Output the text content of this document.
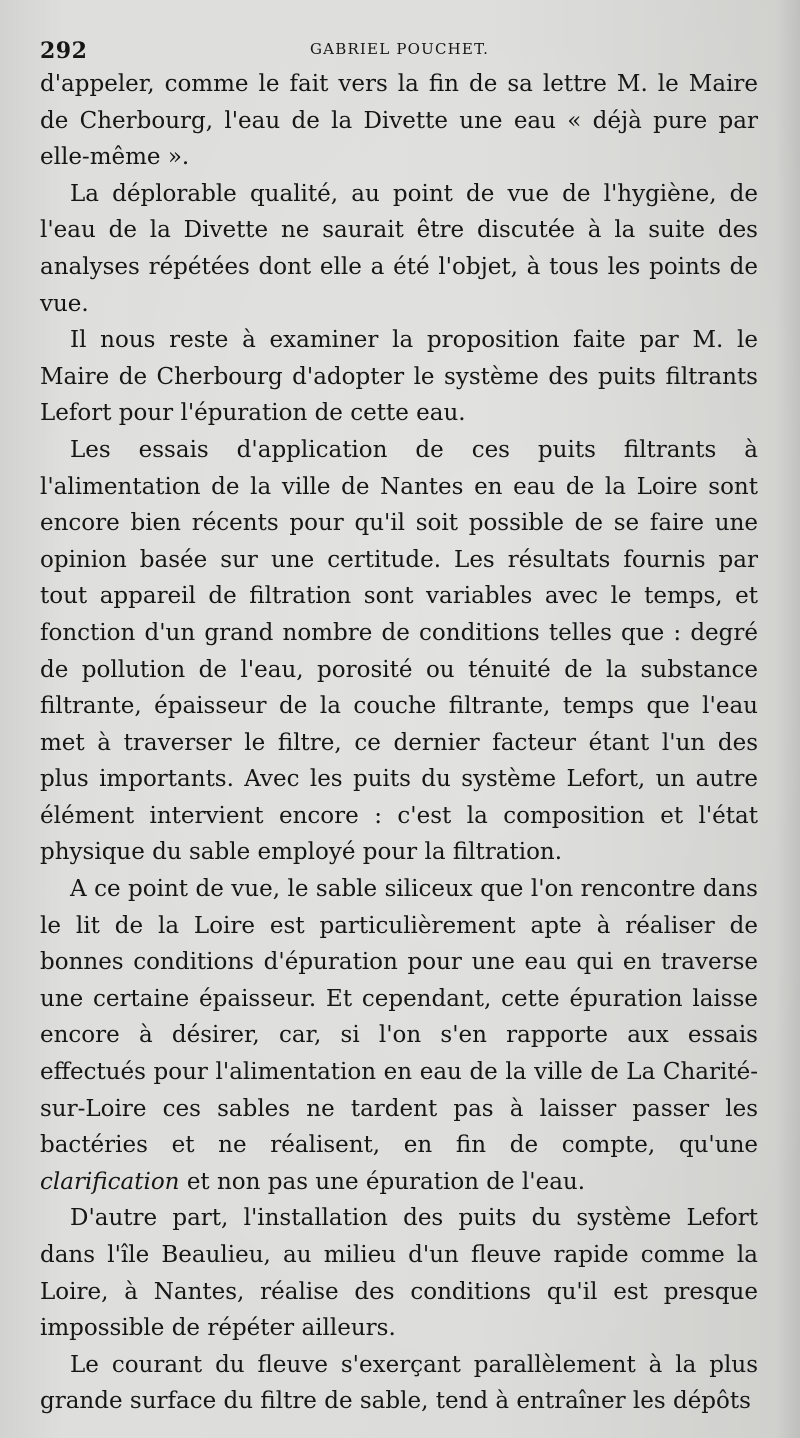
292	GABRIEL POUCHET.

d'appeler, comme le fait vers la fin de sa lettre M. le Maire de Cherbourg, l'eau de la Divette une eau « déjà pure par elle-même ».

La déplorable qualité, au point de vue de l'hygiène, de l'eau de la Divette ne saurait être discutée à la suite des analyses répétées dont elle a été l'objet, à tous les points de vue.

Il nous reste à examiner la proposition faite par M. le Maire de Cherbourg d'adopter le système des puits filtrants Lefort pour l'épuration de cette eau.

Les essais d'application de ces puits filtrants à l'alimentation de la ville de Nantes en eau de la Loire sont encore bien récents pour qu'il soit possible de se faire une opinion basée sur une certitude. Les résultats fournis par tout appareil de filtration sont variables avec le temps, et fonction d'un grand nombre de conditions telles que : degré de pollution de l'eau, porosité ou ténuité de la substance filtrante, épaisseur de la couche filtrante, temps que l'eau met à traverser le filtre, ce dernier facteur étant l'un des plus importants. Avec les puits du système Lefort, un autre élément intervient encore : c'est la composition et l'état physique du sable employé pour la filtration.

A ce point de vue, le sable siliceux que l'on rencontre dans le lit de la Loire est particulièrement apte à réaliser de bonnes conditions d'épuration pour une eau qui en traverse une certaine épaisseur. Et cependant, cette épuration laisse encore à désirer, car, si l'on s'en rapporte aux essais effectués pour l'alimentation en eau de la ville de La Charité-sur-Loire ces sables ne tardent pas à laisser passer les bactéries et ne réalisent, en fin de compte, qu'une clarification et non pas une épuration de l'eau.

D'autre part, l'installation des puits du système Lefort dans l'île Beaulieu, au milieu d'un fleuve rapide comme la Loire, à Nantes, réalise des conditions qu'il est presque impossible de répéter ailleurs.

Le courant du fleuve s'exerçant parallèlement à la plus grande surface du filtre de sable, tend à entraîner les dépôts
